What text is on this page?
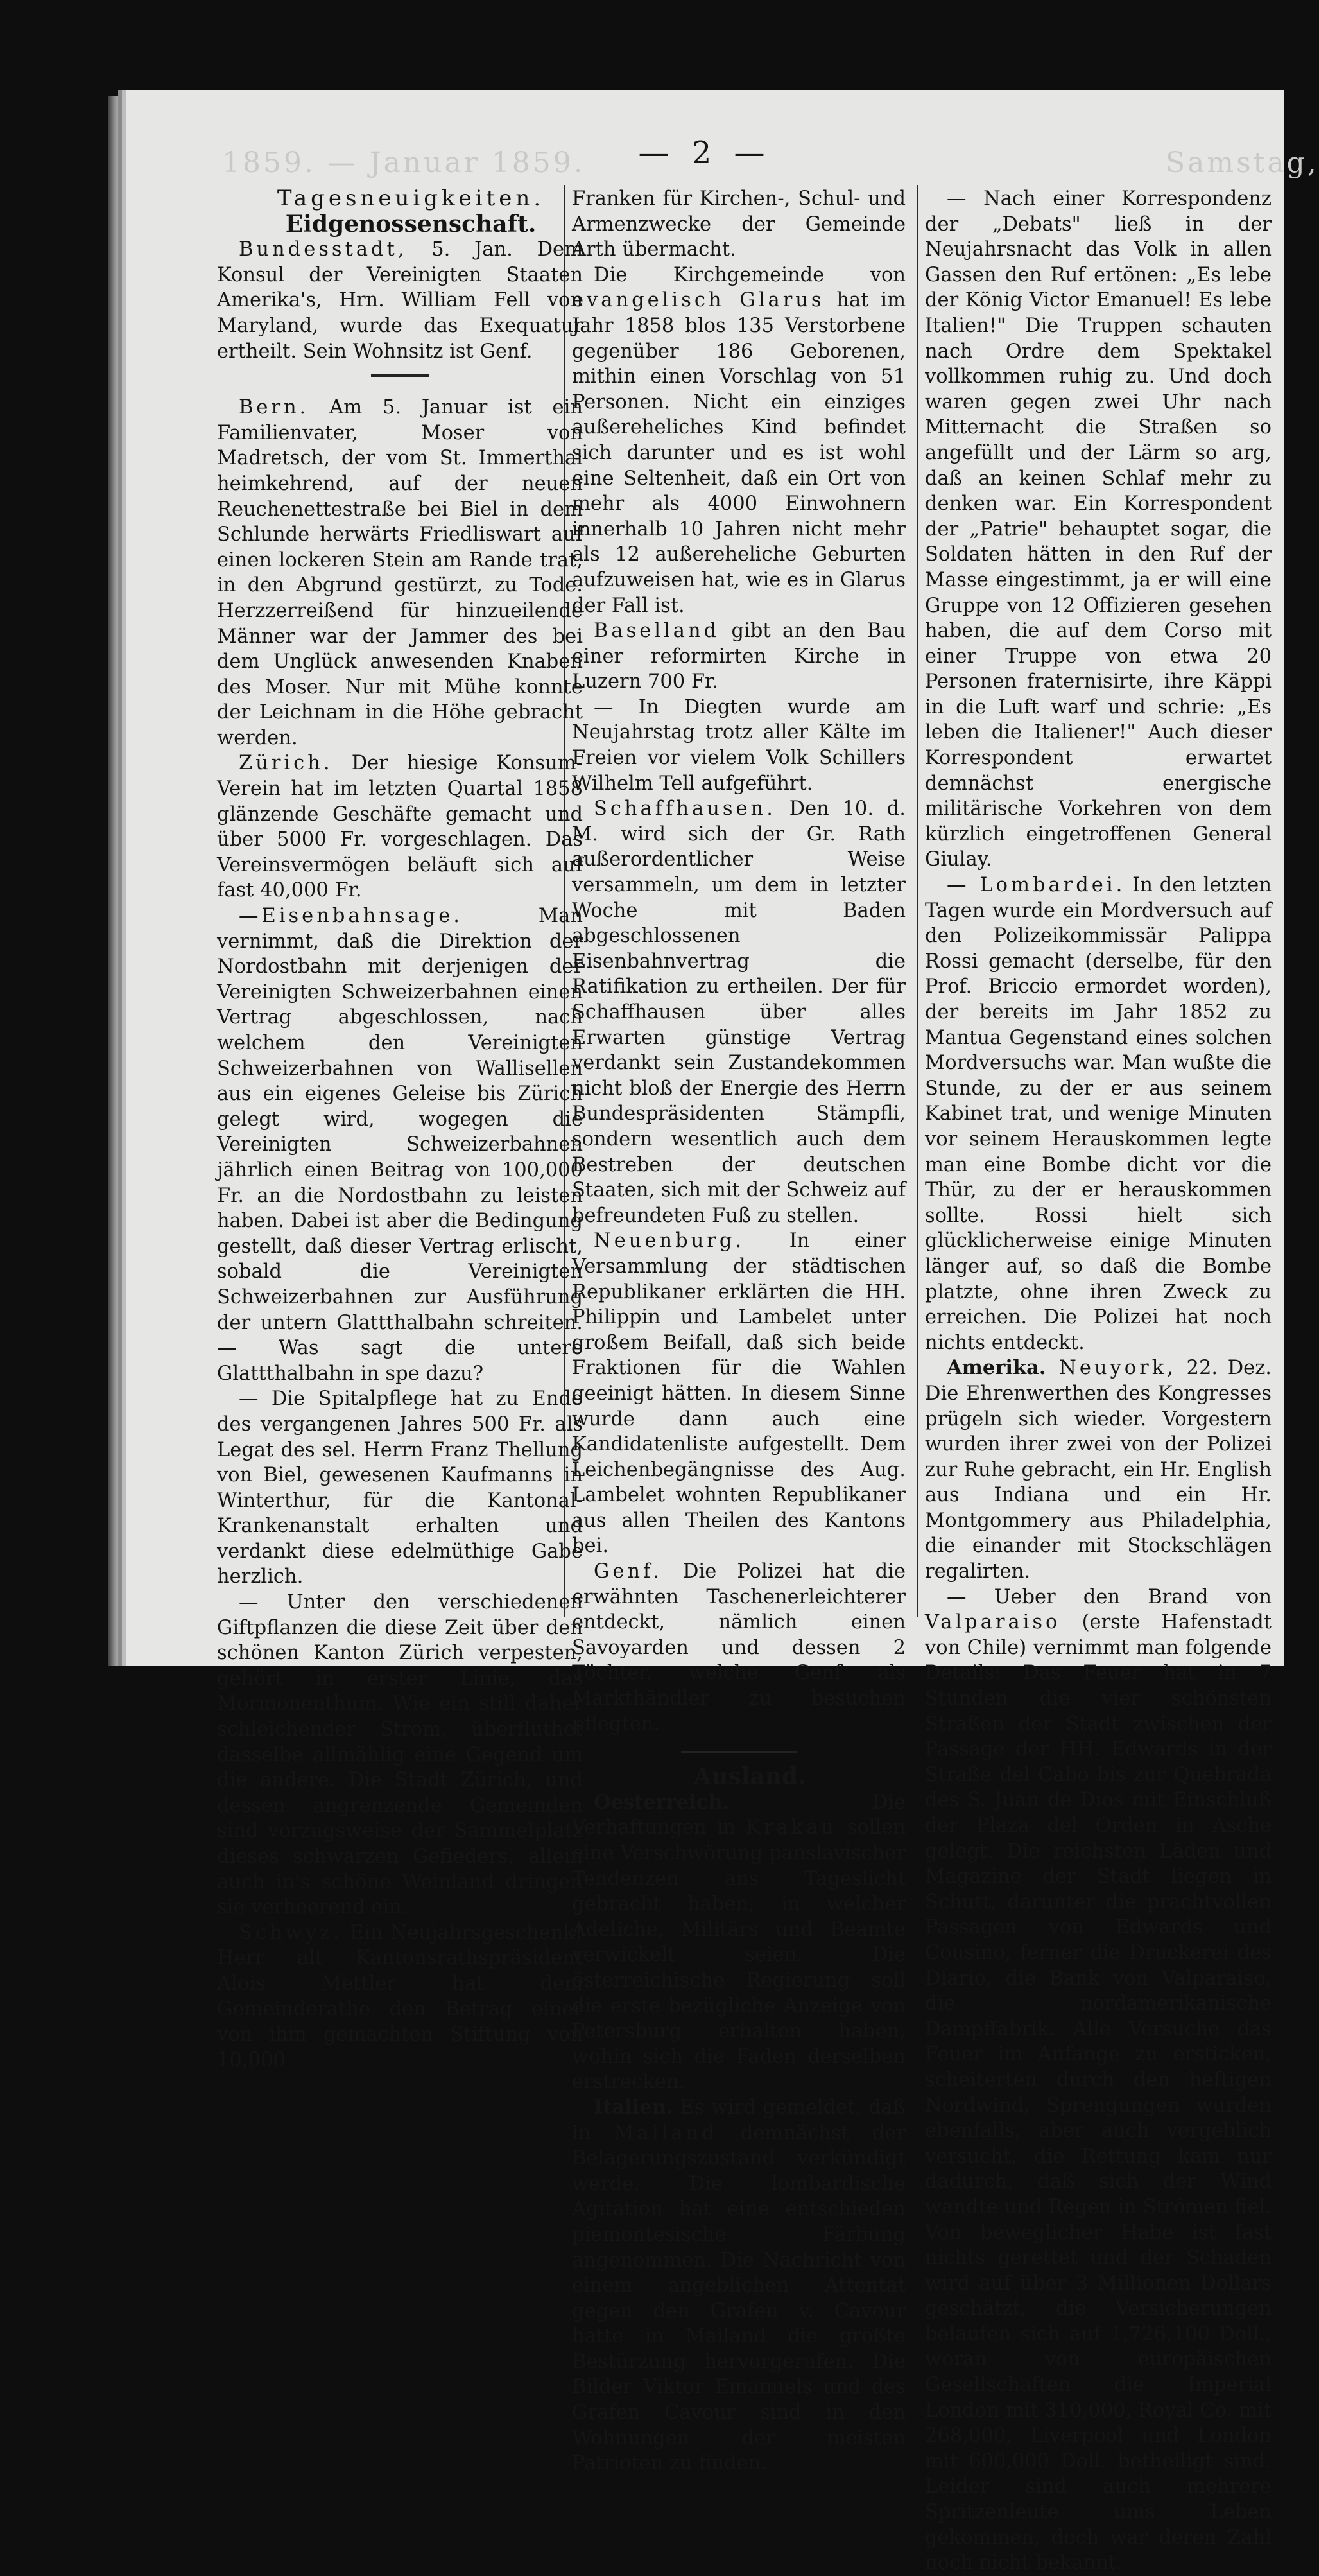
1859. — Januar 1859.	Samstag,
— 2 —

Tagesneuigkeiten.

Eidgenossenschaft.

Bundesstadt, 5. Jan. Dem Konsul der Vereinigten Staaten Amerika's, Hrn. William Fell von Maryland, wurde das Exequatur ertheilt. Sein Wohnsitz ist Genf.

Bern. Am 5. Januar ist ein Familienvater, Moser von Madretsch, der vom St. Immerthal heimkehrend, auf der neuen Reuchenettestraße bei Biel in dem Schlunde herwärts Friedliswart auf einen lockeren Stein am Rande trat, in den Abgrund gestürzt, zu Tode. Herzzerreißend für hinzueilende Männer war der Jammer des bei dem Unglück anwesenden Knaben des Moser. Nur mit Mühe konnte der Leichnam in die Höhe gebracht werden.

Zürich. Der hiesige Konsum-Verein hat im letzten Quartal 1858 glänzende Geschäfte gemacht und über 5000 Fr. vorgeschlagen. Das Vereinsvermögen beläuft sich auf fast 40,000 Fr.

—Eisenbahnsage. Man vernimmt, daß die Direktion der Nordostbahn mit derjenigen der Vereinigten Schweizerbahnen einen Vertrag abgeschlossen, nach welchem den Vereinigten Schweizerbahnen von Wallisellen aus ein eigenes Geleise bis Zürich gelegt wird, wogegen die Vereinigten Schweizerbahnen jährlich einen Beitrag von 100,000 Fr. an die Nordostbahn zu leisten haben. Dabei ist aber die Bedingung gestellt, daß dieser Vertrag erlischt, sobald die Vereinigten Schweizerbahnen zur Ausführung der untern Glattthalbahn schreiten. — Was sagt die untere Glattthalbahn in spe dazu?

— Die Spitalpflege hat zu Ende des vergangenen Jahres 500 Fr. als Legat des sel. Herrn Franz Thellung von Biel, gewesenen Kaufmanns in Winterthur, für die Kantonal-Krankenanstalt erhalten und verdankt diese edelmüthige Gabe herzlich.

— Unter den verschiedenen Giftpflanzen die diese Zeit über den schönen Kanton Zürich verpesten, gehört in erster Linie, das Mormonenthum. Wie ein still daher schleichender Strom, überfluthet dasselbe allmählig eine Gegend um die andere. Die Stadt Zürich, und dessen angrenzende Gemeinden sind vorzugsweise der Sammelplatz dieses schwarzen Gefieders, allein auch in's schöne Weinland dringen sie verheerend ein.

Schwyz. Ein Neujahrsgeschenk! Herr alt Kantonsrathspräsident Alois Mettler hat dem Gemeinderathe den Betrag einer von ihm gemachten Stiftung von 10,000

Franken für Kirchen-, Schul- und Armenzwecke der Gemeinde Arth übermacht.

Die Kirchgemeinde von evangelisch Glarus hat im Jahr 1858 blos 135 Verstorbene gegenüber 186 Geborenen, mithin einen Vorschlag von 51 Personen. Nicht ein einziges außereheliches Kind befindet sich darunter und es ist wohl eine Seltenheit, daß ein Ort von mehr als 4000 Einwohnern innerhalb 10 Jahren nicht mehr als 12 außereheliche Geburten aufzuweisen hat, wie es in Glarus der Fall ist.

Baselland gibt an den Bau einer reformirten Kirche in Luzern 700 Fr.

— In Diegten wurde am Neujahrstag trotz aller Kälte im Freien vor vielem Volk Schillers Wilhelm Tell aufgeführt.

Schaffhausen. Den 10. d. M. wird sich der Gr. Rath außerordentlicher Weise versammeln, um dem in letzter Woche mit Baden abgeschlossenen Eisenbahnvertrag die Ratifikation zu ertheilen. Der für Schaffhausen über alles Erwarten günstige Vertrag verdankt sein Zustandekommen nicht bloß der Energie des Herrn Bundespräsidenten Stämpfli, sondern wesentlich auch dem Bestreben der deutschen Staaten, sich mit der Schweiz auf befreundeten Fuß zu stellen.

Neuenburg. In einer Versammlung der städtischen Republikaner erklärten die HH. Philippin und Lambelet unter großem Beifall, daß sich beide Fraktionen für die Wahlen geeinigt hätten. In diesem Sinne wurde dann auch eine Kandidatenliste aufgestellt. Dem Leichenbegängnisse des Aug. Lambelet wohnten Republikaner aus allen Theilen des Kantons bei.

Genf. Die Polizei hat die erwähnten Taschenerleichterer entdeckt, nämlich einen Savoyarden und dessen 2 Töchter, welche Genf als Markthändler zu besuchen pflegten.

Ausland.

Oesterreich. Die Verhaftungen in Krakau sollen eine Verschwörung panslavischer Tendenzen ans Tageslicht gebracht haben, in welcher Adeliche, Militärs und Beamte verwickelt seien. Die österreichische Regierung soll die erste bezügliche Anzeige von Petersburg erhalten haben, wohin sich die Faden derselben erstrecken.

Italien. Es wird gemeldet, daß in Mailand demnächst der Belagerungszustand verkündigt werde. Die lombardische Agitation hat eine entschieden piemontesische Färbung angenommen. Die Nachricht von einem angeblichen Attentat gegen den Grafen v. Cavour hatte in Mailand die größte Bestürzung hervorgerufen. Die Bilder Viktor Emanuels und des Grafen Cavour sind in den Wohnungen der meisten Patrioten zu finden.

— Nach einer Korrespondenz der „Debats" ließ in der Neujahrsnacht das Volk in allen Gassen den Ruf ertönen: „Es lebe der König Victor Emanuel! Es lebe Italien!" Die Truppen schauten nach Ordre dem Spektakel vollkommen ruhig zu. Und doch waren gegen zwei Uhr nach Mitternacht die Straßen so angefüllt und der Lärm so arg, daß an keinen Schlaf mehr zu denken war. Ein Korrespondent der „Patrie" behauptet sogar, die Soldaten hätten in den Ruf der Masse eingestimmt, ja er will eine Gruppe von 12 Offizieren gesehen haben, die auf dem Corso mit einer Truppe von etwa 20 Personen fraternisirte, ihre Käppi in die Luft warf und schrie: „Es leben die Italiener!" Auch dieser Korrespondent erwartet demnächst energische militärische Vorkehren von dem kürzlich eingetroffenen General Giulay.

— Lombardei. In den letzten Tagen wurde ein Mordversuch auf den Polizeikommissär Palippa Rossi gemacht (derselbe, für den Prof. Briccio ermordet worden), der bereits im Jahr 1852 zu Mantua Gegenstand eines solchen Mordversuchs war. Man wußte die Stunde, zu der er aus seinem Kabinet trat, und wenige Minuten vor seinem Herauskommen legte man eine Bombe dicht vor die Thür, zu der er herauskommen sollte. Rossi hielt sich glücklicherweise einige Minuten länger auf, so daß die Bombe platzte, ohne ihren Zweck zu erreichen. Die Polizei hat noch nichts entdeckt.

Amerika. Neuyork, 22. Dez. Die Ehrenwerthen des Kongresses prügeln sich wieder. Vorgestern wurden ihrer zwei von der Polizei zur Ruhe gebracht, ein Hr. English aus Indiana und ein Hr. Montgommery aus Philadelphia, die einander mit Stockschlägen regalirten.

— Ueber den Brand von Valparaiso (erste Hafenstadt von Chile) vernimmt man folgende Details: Das Feuer hat in 7 Stunden die vier schönsten Straßen der Stadt zwischen der Passage der HH. Edwards in der Straße del Cabo bis zur Quebrada des S. Juan de Dios mit Einschluß der Plaza del Orden in Asche gelegt. Die reichsten Läden und Magazine der Stadt liegen in Schutt, darunter die prachtvollen Passagen von Edwards und Cousino, ferner die Druckerei des Diario, die Bank von Valparaiso, die nordamerikanische Dampffabrik. Alle Versuche das Feuer im Anfange zu ersticken, scheiterten durch den heftigen Nordwind, Sprengungen wurden ebenfalls, aber auch vergeblich versucht, die Rettung kam nur dadurch, daß sich der Wind wandte und Regen in Strömen fiel. Von beweglicher Habe ist fast nichts gerettet und der Schaden wird auf über 3 Millionen Dollars geschätzt, die Versicherungen belaufen sich auf 1,726,100 Doll., woran von europäischen Gesellschaften die Imperial London mit 310,000, Royal Co. mit 268,000, Liverpool und London mit 600,000 Doll. betheiligt sind. Leider sind auch mehrere Spritzenleute ums Leben gekommen, doch war deren Zahl noch nicht bekannt.
